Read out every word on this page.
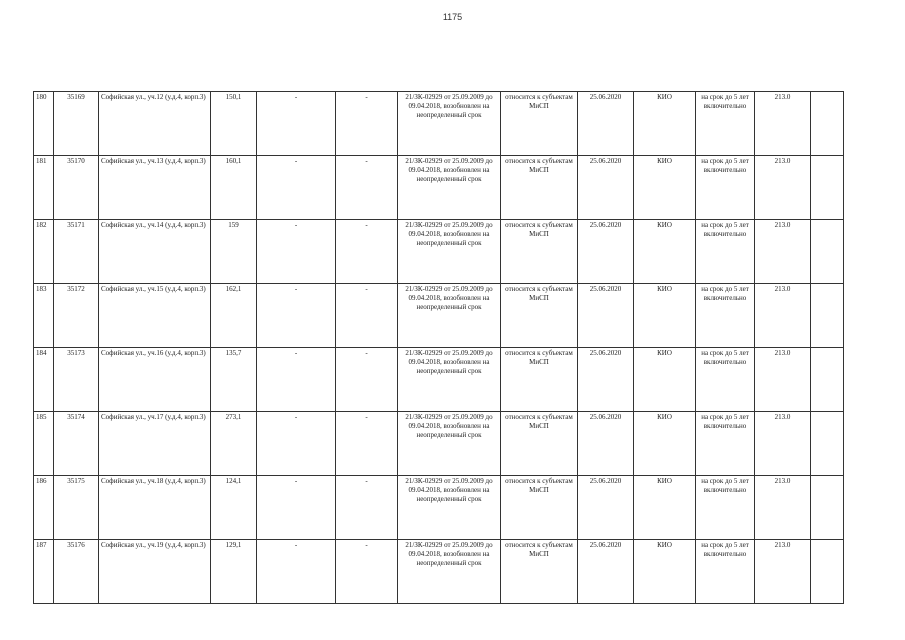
1175
180	35169	Софийская ул., уч.12 (у.д.4, корп.3)	150,1	-	-	21/ЗК-02929 от 25.09.2009 до 09.04.2018, возобновлен на неопределенный срок	относится к субъектам МиСП	25.06.2020	КИО	на срок до 5 лет включительно	213.0	
181	35170	Софийская ул., уч.13 (у.д.4, корп.3)	160,1	-	-	21/ЗК-02929 от 25.09.2009 до 09.04.2018, возобновлен на неопределенный срок	относится к субъектам МиСП	25.06.2020	КИО	на срок до 5 лет включительно	213.0	
182	35171	Софийская ул., уч.14 (у.д.4, корп.3)	159	-	-	21/ЗК-02929 от 25.09.2009 до 09.04.2018, возобновлен на неопределенный срок	относится к субъектам МиСП	25.06.2020	КИО	на срок до 5 лет включительно	213.0	
183	35172	Софийская ул., уч.15 (у.д.4, корп.3)	162,1	-	-	21/ЗК-02929 от 25.09.2009 до 09.04.2018, возобновлен на неопределенный срок	относится к субъектам МиСП	25.06.2020	КИО	на срок до 5 лет включительно	213.0	
184	35173	Софийская ул., уч.16 (у.д.4, корп.3)	135,7	-	-	21/ЗК-02929 от 25.09.2009 до 09.04.2018, возобновлен на неопределенный срок	относится к субъектам МиСП	25.06.2020	КИО	на срок до 5 лет включительно	213.0	
185	35174	Софийская ул., уч.17 (у.д.4, корп.3)	273,1	-	-	21/ЗК-02929 от 25.09.2009 до 09.04.2018, возобновлен на неопределенный срок	относится к субъектам МиСП	25.06.2020	КИО	на срок до 5 лет включительно	213.0	
186	35175	Софийская ул., уч.18 (у.д.4, корп.3)	124,1	-	-	21/ЗК-02929 от 25.09.2009 до 09.04.2018, возобновлен на неопределенный срок	относится к субъектам МиСП	25.06.2020	КИО	на срок до 5 лет включительно	213.0	
187	35176	Софийская ул., уч.19 (у.д.4, корп.3)	129,1	-	-	21/ЗК-02929 от 25.09.2009 до 09.04.2018, возобновлен на неопределенный срок	относится к субъектам МиСП	25.06.2020	КИО	на срок до 5 лет включительно	213.0	
